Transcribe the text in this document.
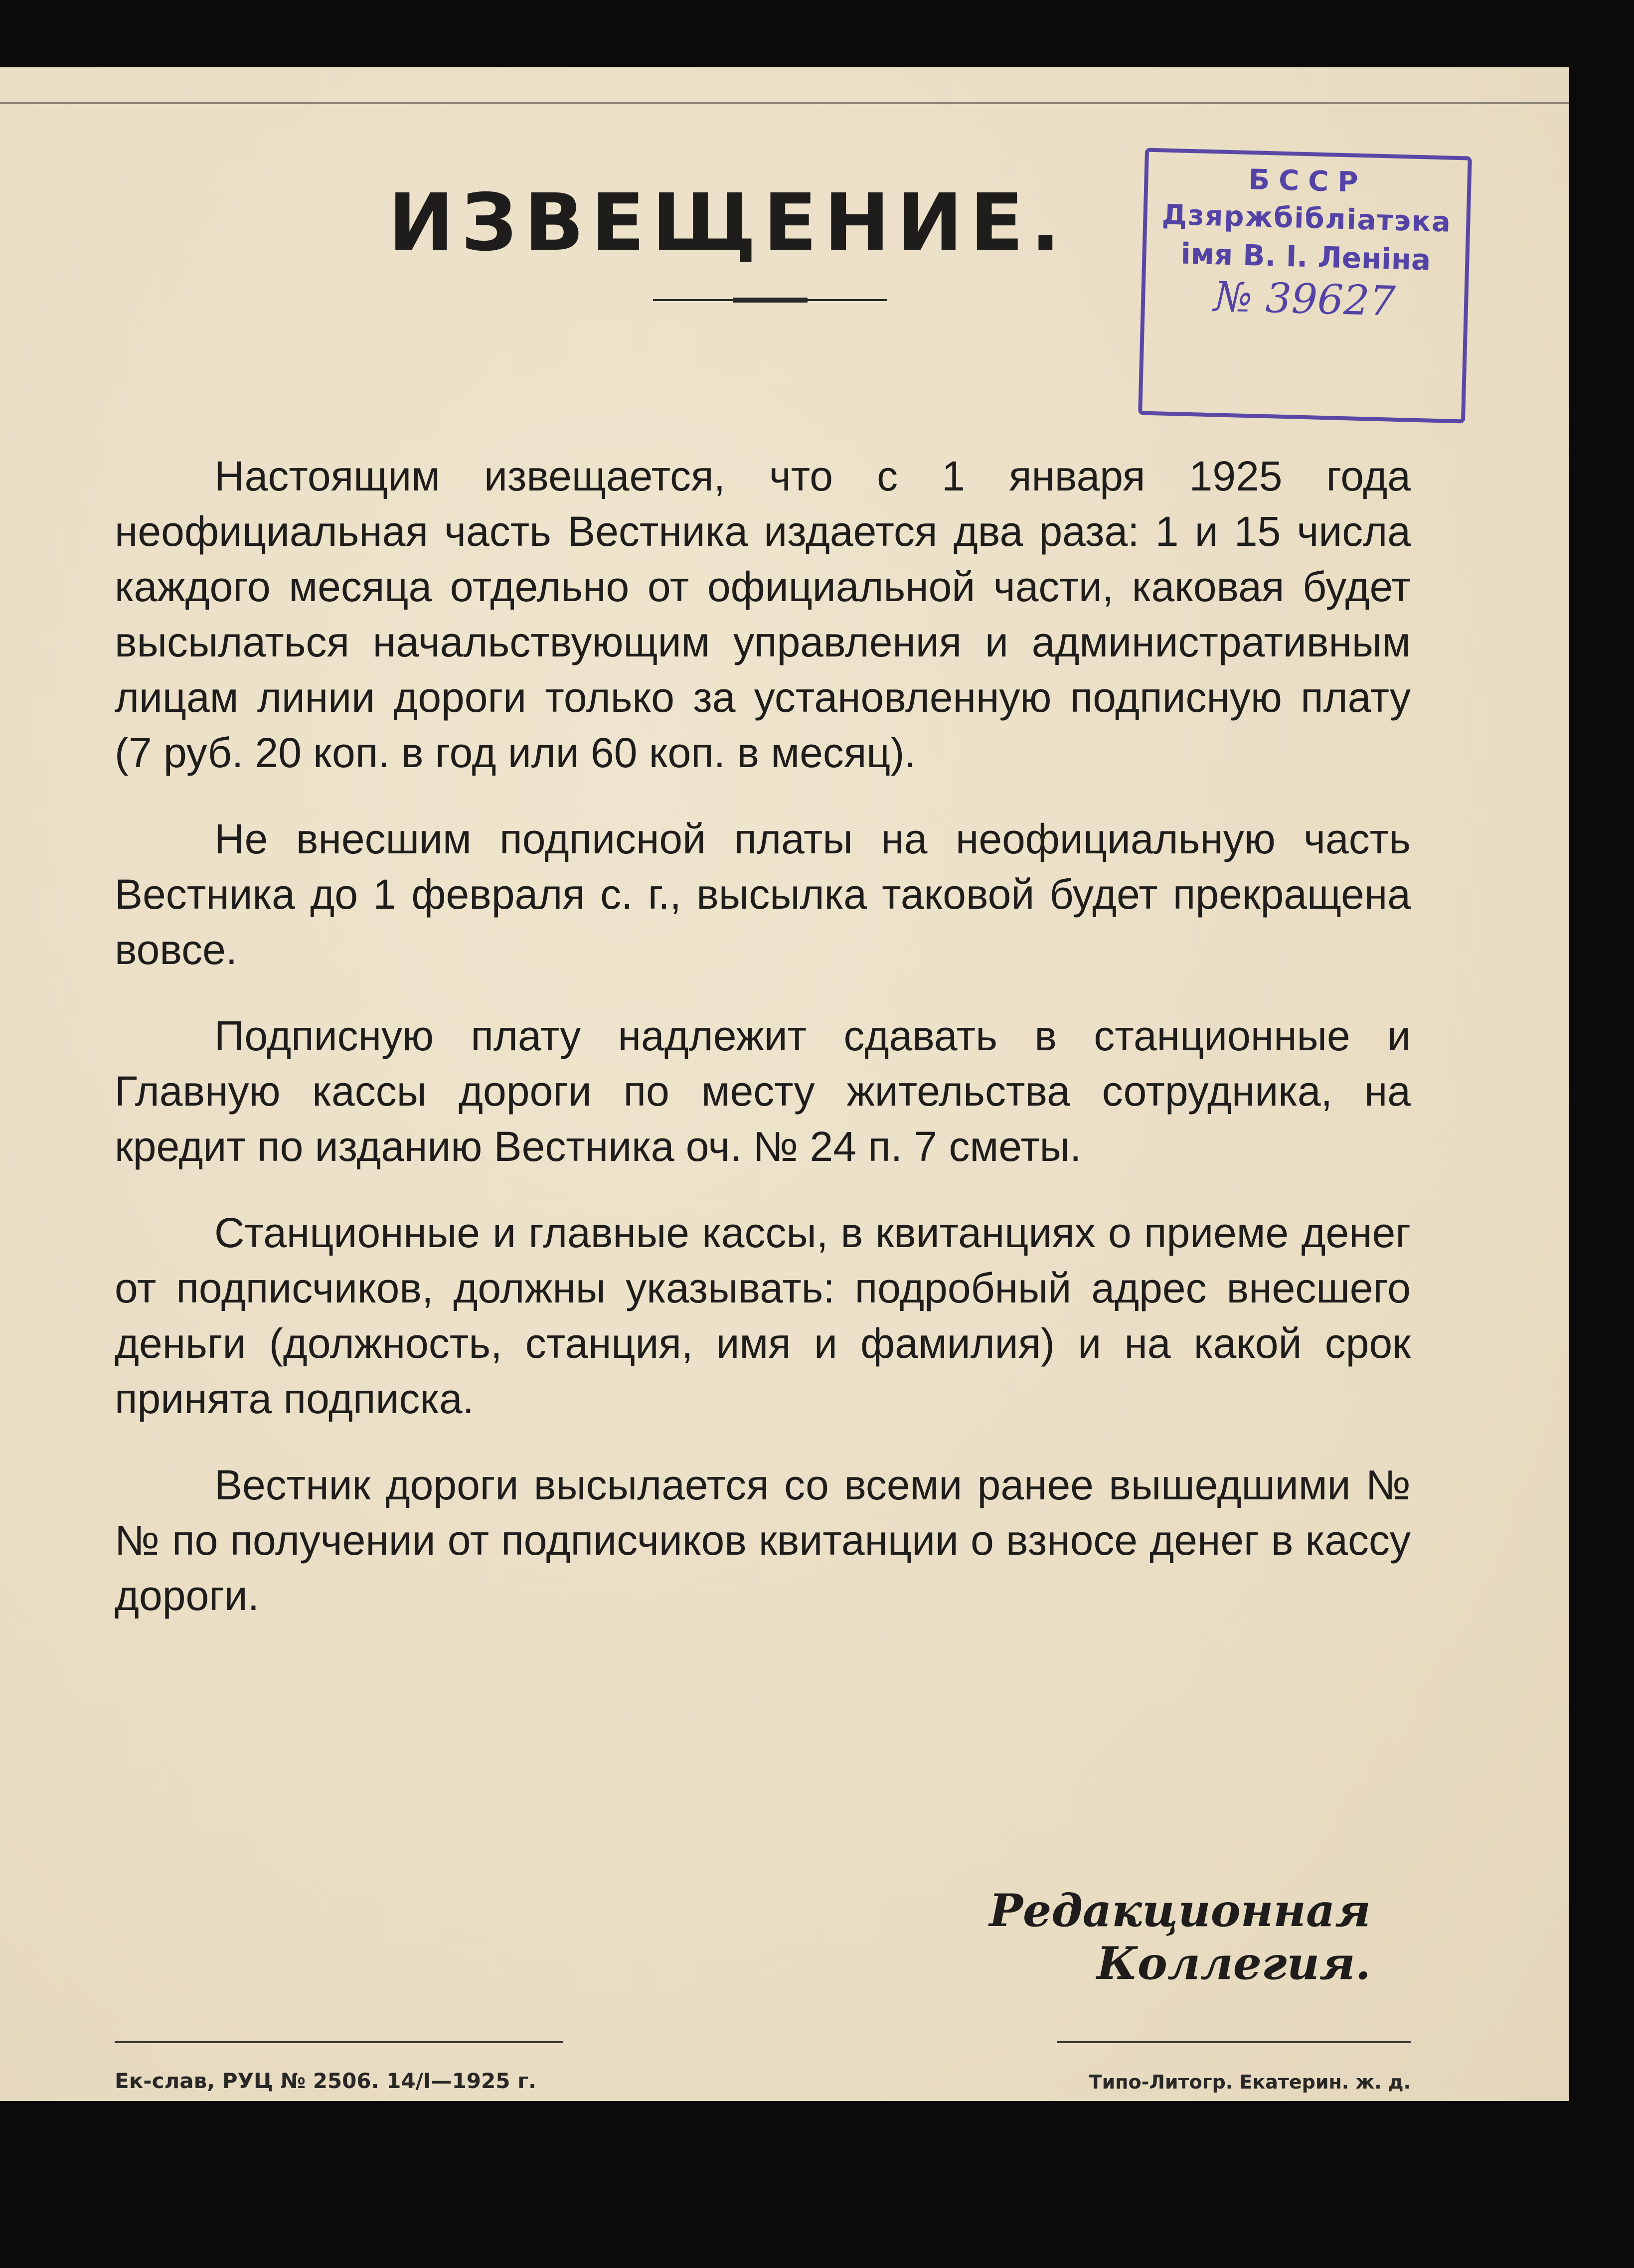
ИЗВЕЩЕНИЕ.	БССР
Дзяржбібліатэка
імя В. І. Леніна
№ 39627

Настоящим извещается, что с 1 января 1925 года неофициальная часть Вестника издается два раза: 1 и 15 числа каждого месяца отдельно от официальной части, каковая будет высылаться начальствующим управления и административным лицам линии дороги только за установленную подписную плату (7 руб. 20 коп. в год или 60 коп. в месяц).

Не внесшим подписной платы на неофициальную часть Вестника до 1 февраля с. г., высылка таковой будет прекращена вовсе.

Подписную плату надлежит сдавать в станционные и Главную кассы дороги по месту жительства сотрудника, на кредит по изданию Вестника оч. № 24 п. 7 сметы.

Станционные и главные кассы, в квитанциях о приеме денег от подписчиков, должны указывать: подробный адрес внесшего деньги (должность, станция, имя и фамилия) и на какой срок принята подписка.

Вестник дороги высылается со всеми ранее вышедшими №№ по получении от подписчиков квитанции о взносе денег в кассу дороги.

Редакционная Коллегия.
Ек-слав, РУЦ № 2506. 14/I—1925 г.	Типо-Литогр. Екатерин. ж. д.
